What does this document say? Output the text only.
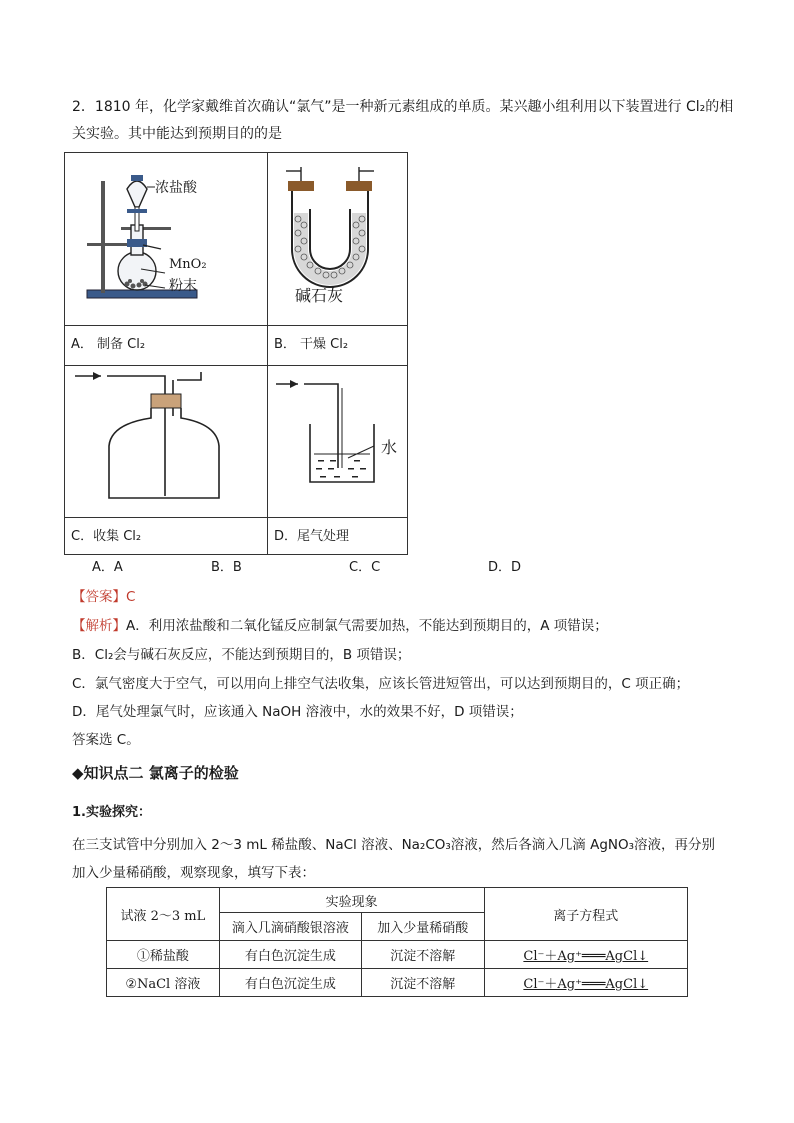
2．1810 年，化学家戴维首次确认“氯气”是一种新元素组成的单质。某兴趣小组利用以下装置进行 Cl₂的相
关实验。其中能达到预期目的的是
浓盐酸
MnO₂
粉末
A． 制备 Cl₂
碱石灰
B． 干燥 Cl₂
C．收集 Cl₂
水
D．尾气处理
A．A	B．B	C．C	D．D
【答案】C
【解析】A．利用浓盐酸和二氧化锰反应制氯气需要加热，不能达到预期目的，A 项错误；
B．Cl₂会与碱石灰反应，不能达到预期目的，B 项错误；
C．氯气密度大于空气，可以用向上排空气法收集，应该长管进短管出，可以达到预期目的，C 项正确；
D．尾气处理氯气时，应该通入 NaOH 溶液中，水的效果不好，D 项错误；
答案选 C。
◆知识点二 氯离子的检验
1.实验探究：
在三支试管中分别加入 2～3 mL 稀盐酸、NaCl 溶液、Na₂CO₃溶液，然后各滴入几滴 AgNO₃溶液，再分别
加入少量稀硝酸，观察现象，填写下表：
试液 2～3 mL	实验现象		离子方程式
	滴入几滴硝酸银溶液	加入少量稀硝酸	
①稀盐酸	有白色沉淀生成	沉淀不溶解	Cl⁻＋Ag⁺═══AgCl↓
②NaCl 溶液	有白色沉淀生成	沉淀不溶解	Cl⁻＋Ag⁺═══AgCl↓
